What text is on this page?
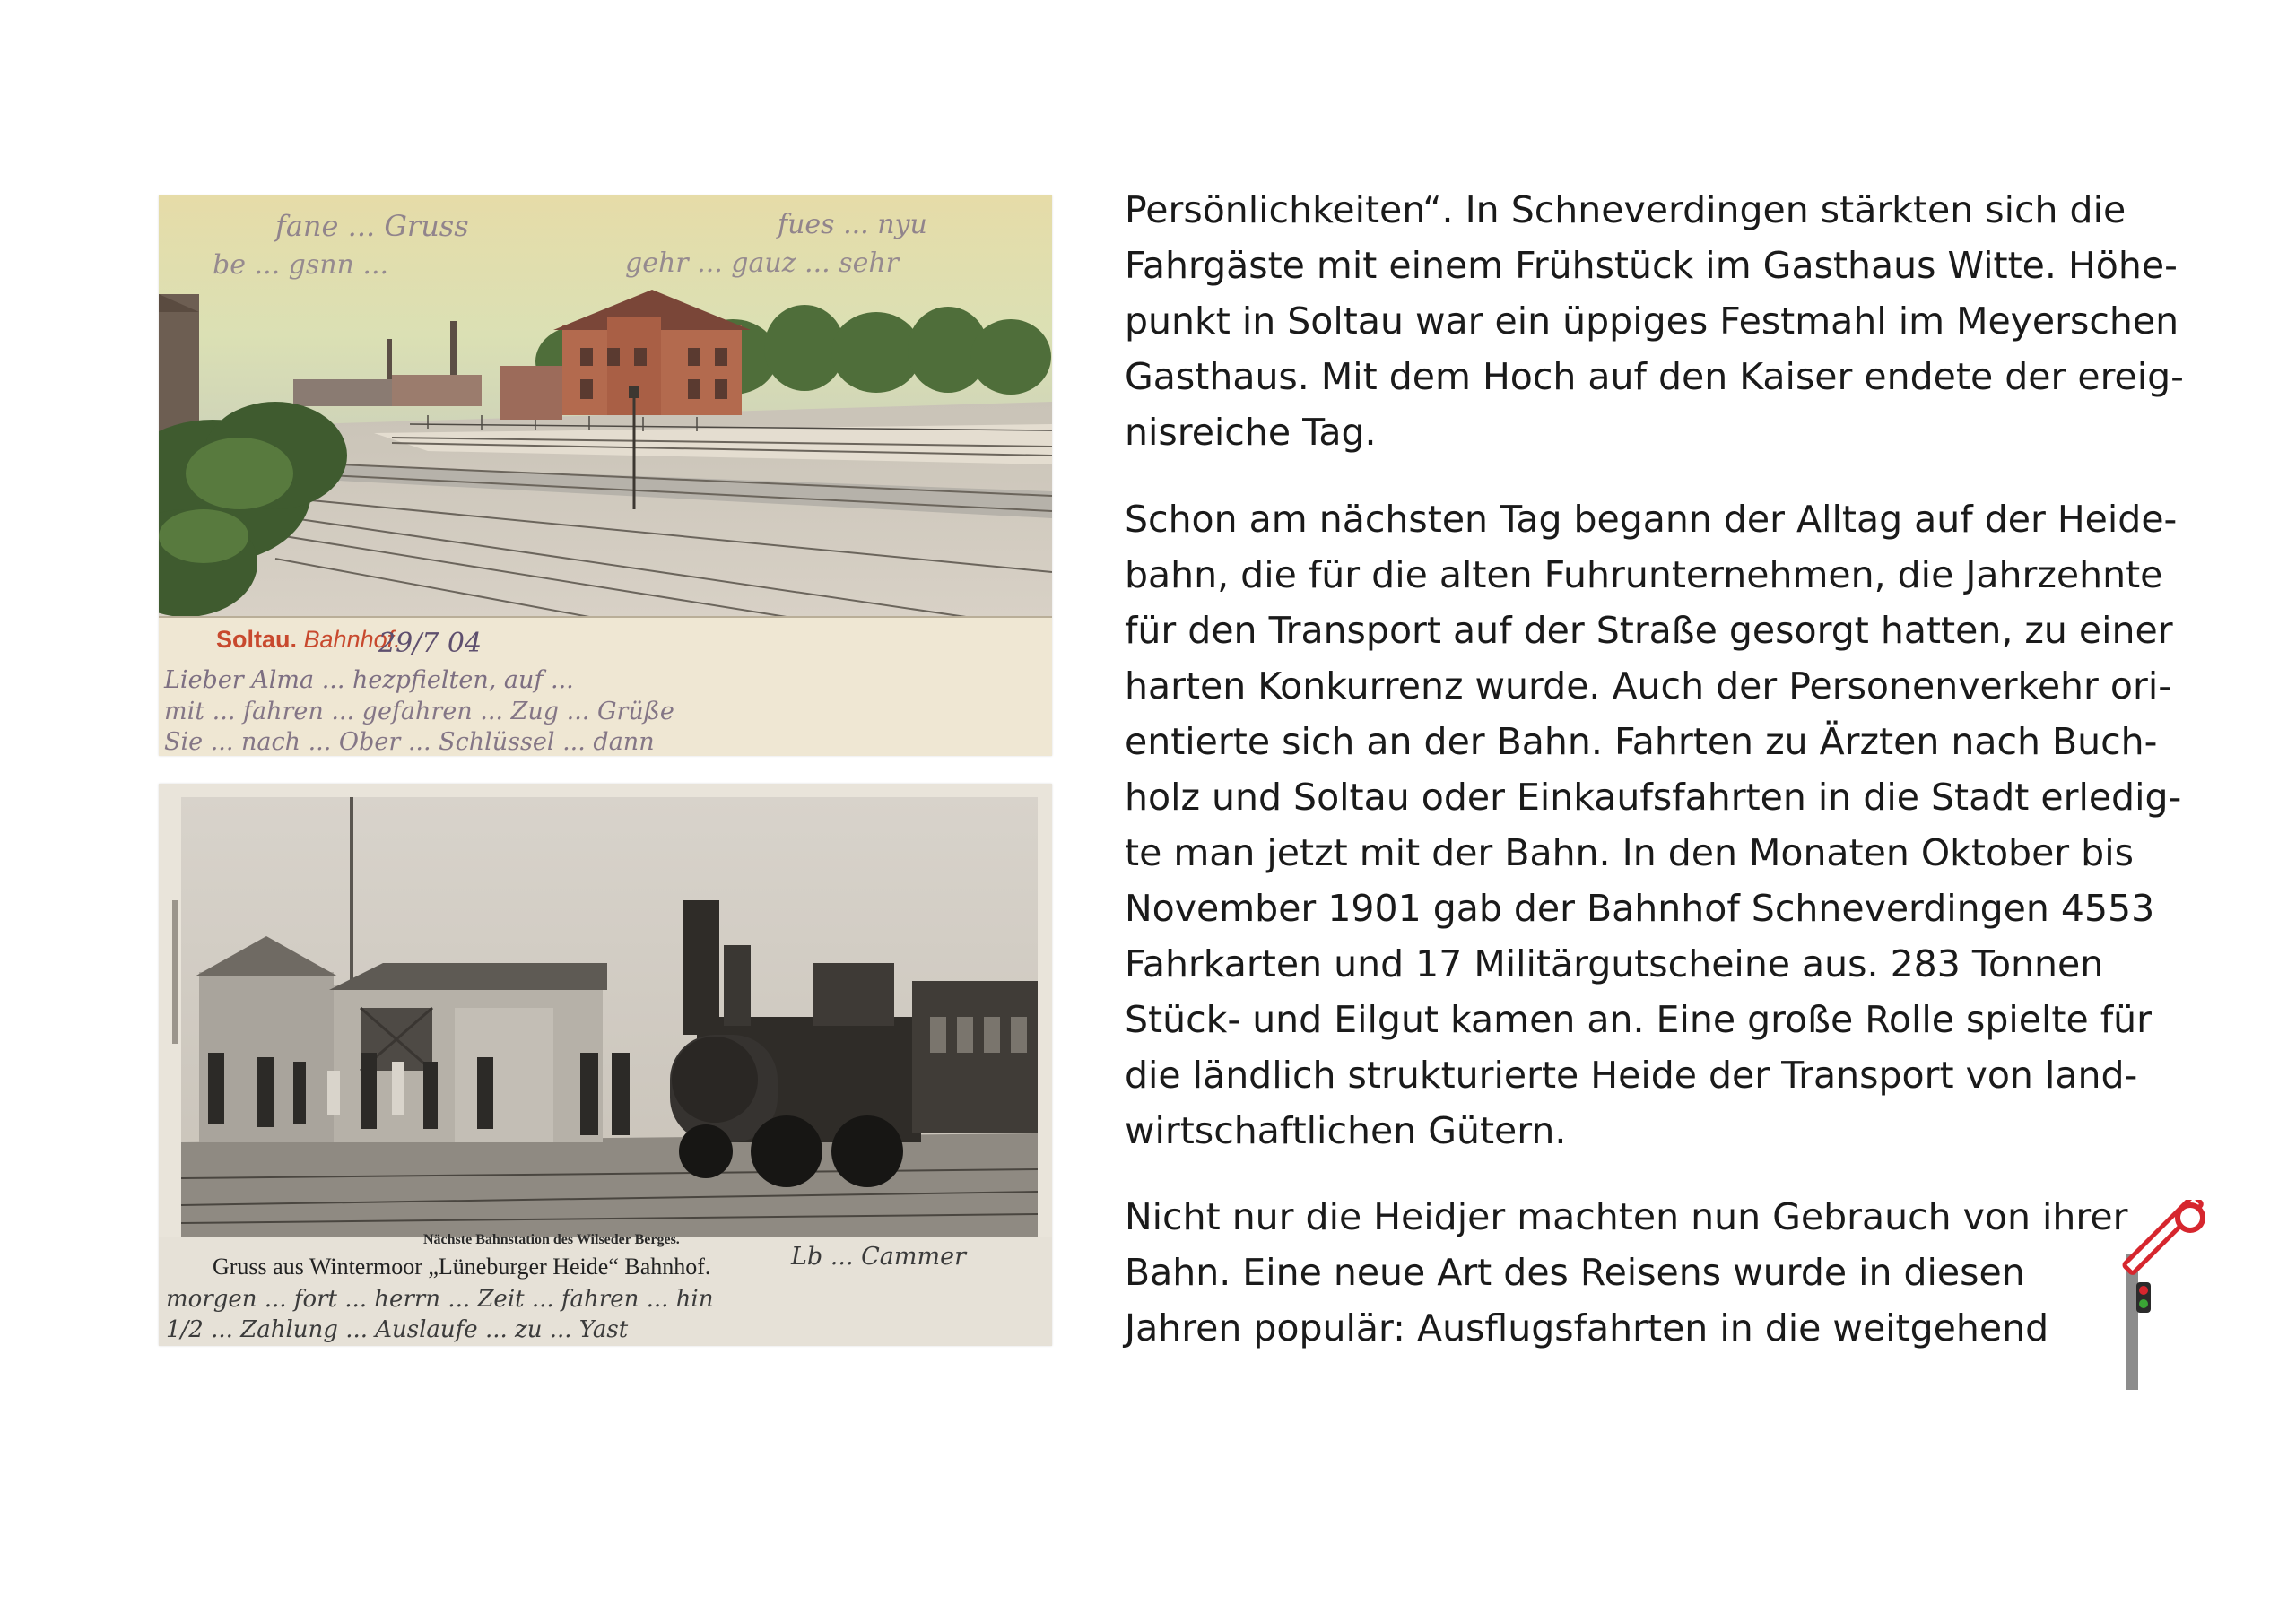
Soltau. Bahnhof.
29/7 04
fane ... Gruss
be ... gsnn ...
fues ... nyu
gehr ... gauz ... sehr
Lieber Alma ... hezpfielten, auf ...
mit ... fahren ... gefahren ... Zug ... Grüße
Sie ... nach ... Ober ... Schlüssel ... dann
Nächste Bahnstation des Wilseder Berges.
Gruss aus Wintermoor „Lüneburger Heide“ Bahnhof.	Lb ... Cammer
morgen ... fort ... herrn ... Zeit ... fahren ... hin
1/2 ... Zahlung ... Auslaufe ... zu ... Yast

Persönlichkeiten“. In Schneverdingen stärkten sich die Fahrgäste mit einem Frühstück im Gasthaus Witte. Höhe-punkt in Soltau war ein üppiges Festmahl im Meyerschen Gasthaus. Mit dem Hoch auf den Kaiser endete der ereig-nisreiche Tag.

Schon am nächsten Tag begann der Alltag auf der Heide-bahn, die für die alten Fuhrunternehmen, die Jahrzehnte für den Transport auf der Straße gesorgt hatten, zu einer harten Konkurrenz wurde. Auch der Personenverkehr ori-entierte sich an der Bahn. Fahrten zu Ärzten nach Buch-holz und Soltau oder Einkaufsfahrten in die Stadt erledig-te man jetzt mit der Bahn. In den Monaten Oktober bis November 1901 gab der Bahnhof Schneverdingen 4553 Fahrkarten und 17 Militärgutscheine aus. 283 Tonnen Stück- und Eilgut kamen an. Eine große Rolle spielte für die ländlich strukturierte Heide der Transport von land-wirtschaftlichen Gütern.

Nicht nur die Heidjer machten nun Gebrauch von ihrer Bahn. Eine neue Art des Reisens wurde in diesen Jahren populär: Ausflugsfahrten in die weitgehend
